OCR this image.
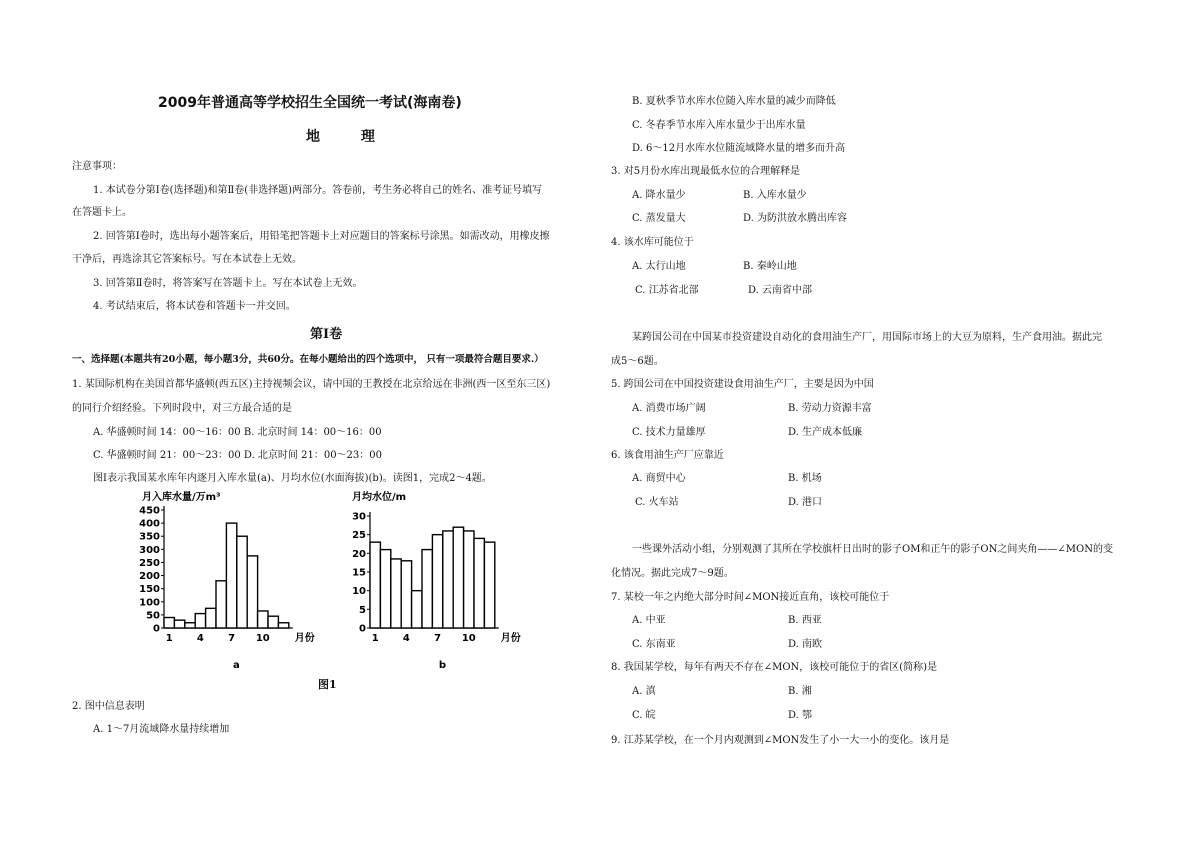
2009年普通高等学校招生全国统一考试(海南卷)
地 理
注意事项：
1. 本试卷分第Ⅰ卷(选择题)和第Ⅱ卷(非选择题)两部分。答卷前，考生务必将自己的姓名、准考证号填写
在答题卡上。
2. 回答第Ⅰ卷时，选出每小题答案后，用铅笔把答题卡上对应题目的答案标号涂黑。如需改动，用橡皮擦
干净后，再选涂其它答案标号。写在本试卷上无效。
3. 回答第Ⅱ卷时，将答案写在答题卡上。写在本试卷上无效。
4. 考试结束后，将本试卷和答题卡一并交回。
第Ⅰ卷
一、选择题(本题共有20小题，每小题3分，共60分。在每小题给出的四个选项中， 只有一项最符合题目要求.）
1. 某国际机构在美国首都华盛顿(西五区)主持视频会议，请中国的王教授在北京给远在非洲(西一区至东三区)
的同行介绍经验。下列时段中，对三方最合适的是
A. 华盛顿时间 14：00～16：00 B. 北京时间 14：00～16：00
C. 华盛顿时间 21：00～23：00 D. 北京时间 21：00～23：00
图Ⅰ表示我国某水库年内逐月入库水量(a)、月均水位(水面海拔)(b)。读图1，完成2～4题。
月入库水量/万m³
0
50
100
150
200
250
300
350
400
450
1 4 7 10	月份
a
月均水位/m
0
5
10
15
20
25
30
1 4 7 10	月份
b
图1
2. 图中信息表明
A. 1～7月流域降水量持续增加
B. 夏秋季节水库水位随入库水量的减少而降低
C. 冬春季节水库入库水量少于出库水量
D. 6～12月水库水位随流域降水量的增多而升高
3. 对5月份水库出现最低水位的合理解释是
A. 降水量少	B. 入库水量少
C. 蒸发量大	D. 为防洪放水腾出库容
4. 该水库可能位于
A. 太行山地	B. 秦岭山地
C. 江苏省北部	D. 云南省中部
某跨国公司在中国某市投资建设自动化的食用油生产厂，用国际市场上的大豆为原料，生产食用油。据此完
成5～6题。
5. 跨国公司在中国投资建设食用油生产厂，主要是因为中国
A. 消费市场广阔	B. 劳动力资源丰富
C. 技术力量雄厚	D. 生产成本低廉
6. 该食用油生产厂应靠近
A. 商贸中心	B. 机场
C. 火车站	D. 港口
一些课外活动小组，分别观测了其所在学校旗杆日出时的影子OM和正午的影子ON之间夹角——∠MON的变
化情况。据此完成7～9题。
7. 某校一年之内绝大部分时间∠MON接近直角，该校可能位于
A. 中亚	B. 西亚
C. 东南亚	D. 南欧
8. 我国某学校，每年有两天不存在∠MON，该校可能位于的省区(简称)是
A. 滇	B. 湘
C. 皖	D. 鄂
9. 江苏某学校，在一个月内观测到∠MON发生了小一大一小的变化。该月是
